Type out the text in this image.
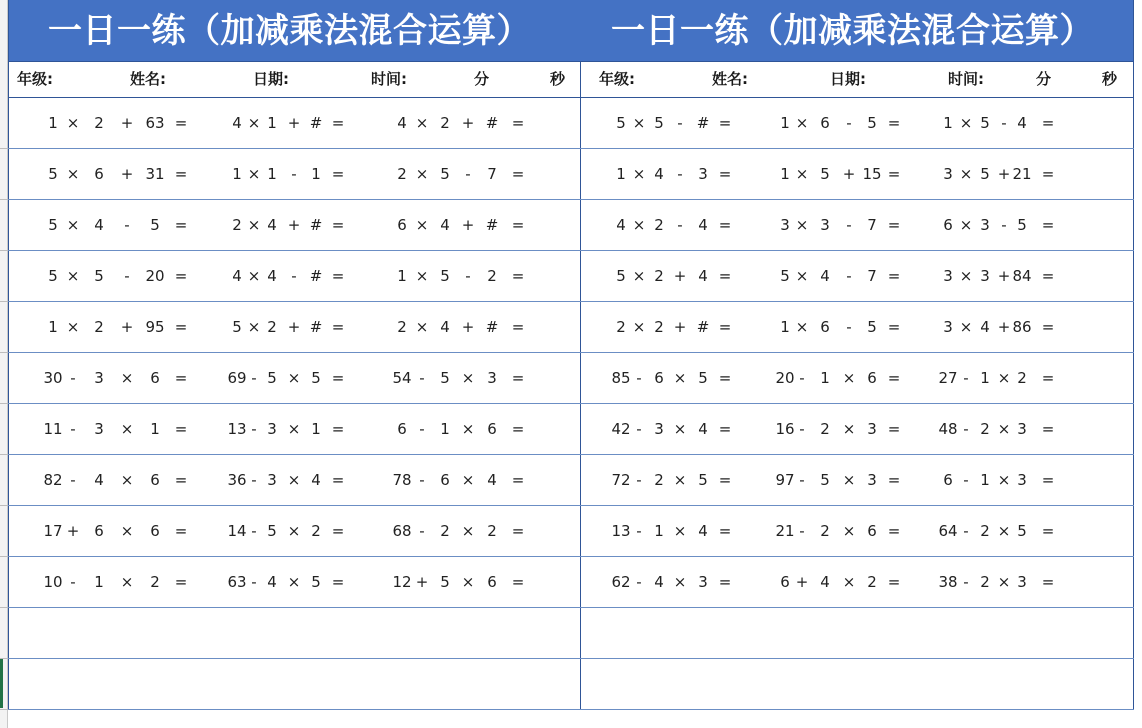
一日一练（加减乘法混合运算）	一日一练（加减乘法混合运算）
年级:	姓名:	日期:	时间:	分	秒 年级:	姓名:	日期:	时间:	分	秒
1 × 2 + 63 =	4 × 1 + # =	4 × 2 + # =	5 × 5 - # =	1 × 6 - 5 =	1 × 5 - 4 =
5 × 6 + 31 =	1 × 1 - 1 =	2 × 5 - 7 =	1 × 4 - 3 =	1 × 5 + 15 =	3 × 5 + 21 =
5 × 4 - 5 =	2 × 4 + # =	6 × 4 + # =	4 × 2 - 4 =	3 × 3 - 7 =	6 × 3 - 5 =
5 × 5 - 20 =	4 × 4 - # =	1 × 5 - 2 =	5 × 2 + 4 =	5 × 4 - 7 =	3 × 3 + 84 =
1 × 2 + 95 =	5 × 2 + # =	2 × 4 + # =	2 × 2 + # =	1 × 6 - 5 =	3 × 4 + 86 =
30 - 3 × 6 =	69 - 5 × 5 =	54 - 5 × 3 =	85 - 6 × 5 =	20 - 1 × 6 =	27 - 1 × 2 =
11 - 3 × 1 =	13 - 3 × 1 =	6 - 1 × 6 =	42 - 3 × 4 =	16 - 2 × 3 =	48 - 2 × 3 =
82 - 4 × 6 =	36 - 3 × 4 =	78 - 6 × 4 =	72 - 2 × 5 =	97 - 5 × 3 =	6 - 1 × 3 =
17 + 6 × 6 =	14 - 5 × 2 =	68 - 2 × 2 =	13 - 1 × 4 =	21 - 2 × 6 =	64 - 2 × 5 =
10 - 1 × 2 =	63 - 4 × 5 =	12 + 5 × 6 =	62 - 4 × 3 =	6 + 4 × 2 =	38 - 2 × 3 =
